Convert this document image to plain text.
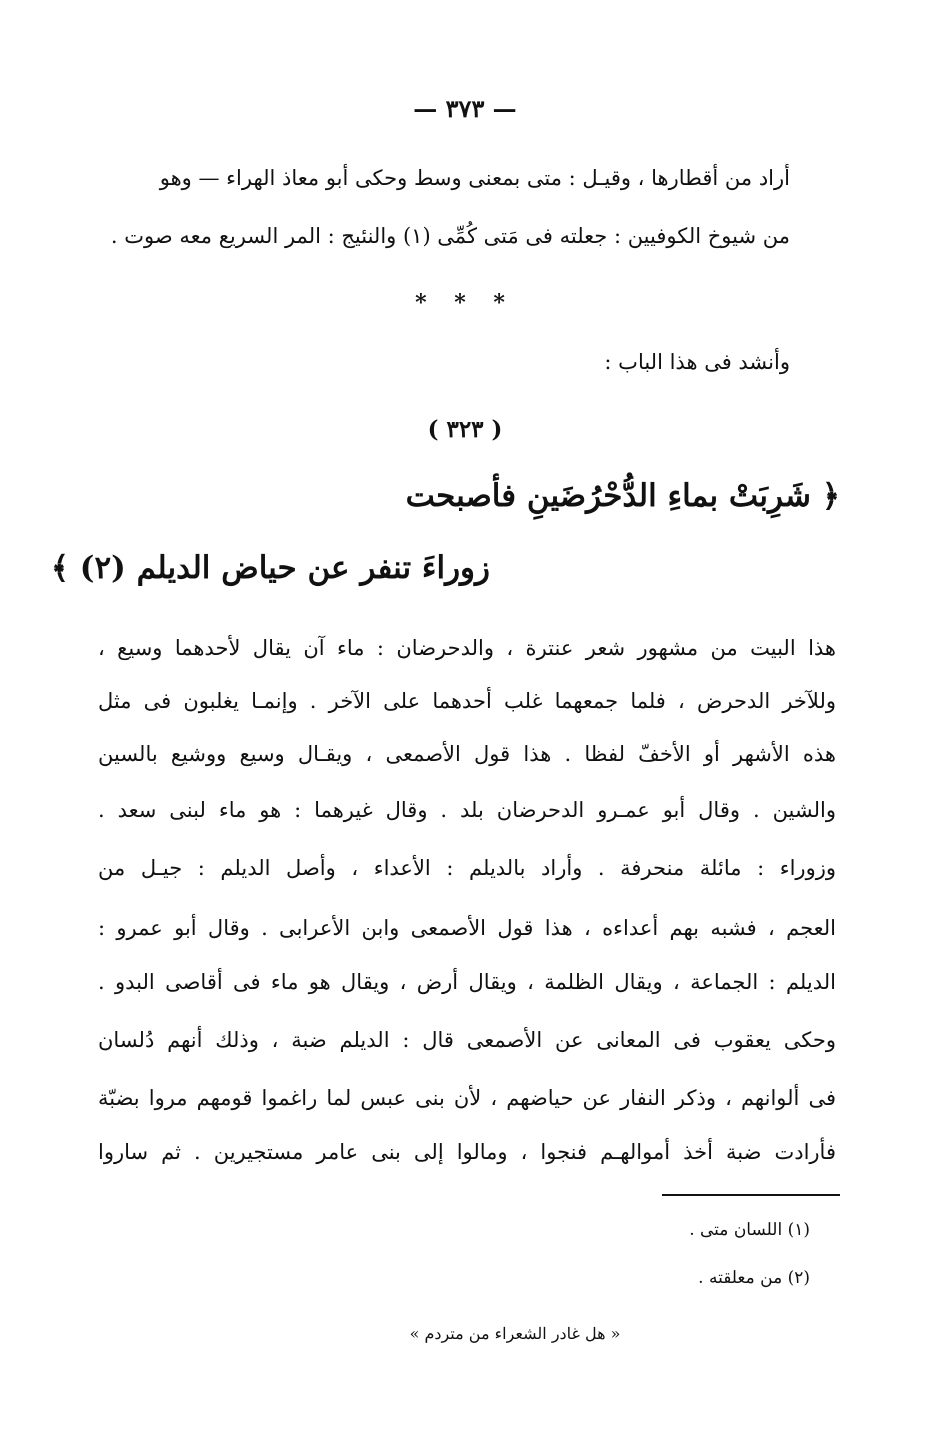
— ٣٧٣ —
أراد من أقطارها ، وقيـل : متى بمعنى وسط وحكى أبو معاذ الهراء — وهو
من شيوخ الكوفيين : جعلته فى مَتى كُمِّى (١) والنئيج : المر السريع معه صوت .
* * *
وأنشد فى هذا الباب :
( ٣٢٣ )
﴿ شَرِبَتْ بماءِ الدُّحْرُضَينِ فأصبحت
زوراءَ تنفر عن حياض الديلم (٢) ﴾
هذا البيت من مشهور شعر عنترة ، والدحرضان : ماء آن يقال لأحدهما وسيع ،
وللآخر الدحرض ، فلما جمعهما غلب أحدهما على الآخر . وإنمـا يغلبون فى مثل
هذه الأشهر أو الأخفّ لفظا . هذا قول الأصمعى ، ويقـال وسيع ووشيع بالسين
والشين . وقال أبو عمـرو الدحرضان بلد . وقال غيرهما : هو ماء لبنى سعد .
وزوراء : مائلة منحرفة . وأراد بالديلم : الأعداء ، وأصل الديلم : جيـل من
العجم ، فشبه بهم أعداءه ، هذا قول الأصمعى وابن الأعرابى . وقال أبو عمرو :
الديلم : الجماعة ، ويقال الظلمة ، ويقال أرض ، ويقال هو ماء فى أقاصى البدو .
وحكى يعقوب فى المعانى عن الأصمعى قال : الديلم ضبة ، وذلك أنهم دُلسان
فى ألوانهم ، وذكر النفار عن حياضهم ، لأن بنى عبس لما راغموا قومهم مروا بضبّة
فأرادت ضبة أخذ أموالهـم فنجوا ، ومالوا إلى بنى عامر مستجيرين . ثم ساروا
(١) اللسان متى .
(٢) من معلقته .
« هل غادر الشعراء من متردم »
